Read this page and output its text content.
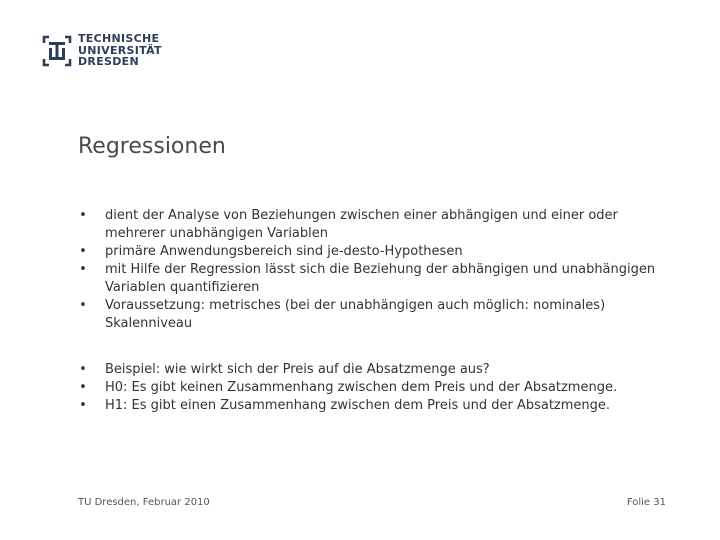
TECHNISCHE
UNIVERSITÄT
DRESDEN
Regressionen
• dient der Analyse von Beziehungen zwischen einer abhängigen und einer oder mehrerer unabhängigen Variablen
• primäre Anwendungsbereich sind je-desto-Hypothesen
• mit Hilfe der Regression lässt sich die Beziehung der abhängigen und unabhängigen Variablen quantifizieren
• Voraussetzung: metrisches (bei der unabhängigen auch möglich: nominales) Skalenniveau
• Beispiel: wie wirkt sich der Preis auf die Absatzmenge aus?
• H0: Es gibt keinen Zusammenhang zwischen dem Preis und der Absatzmenge.
• H1: Es gibt einen Zusammenhang zwischen dem Preis und der Absatzmenge.
TU Dresden, Februar 2010	Folie 31
